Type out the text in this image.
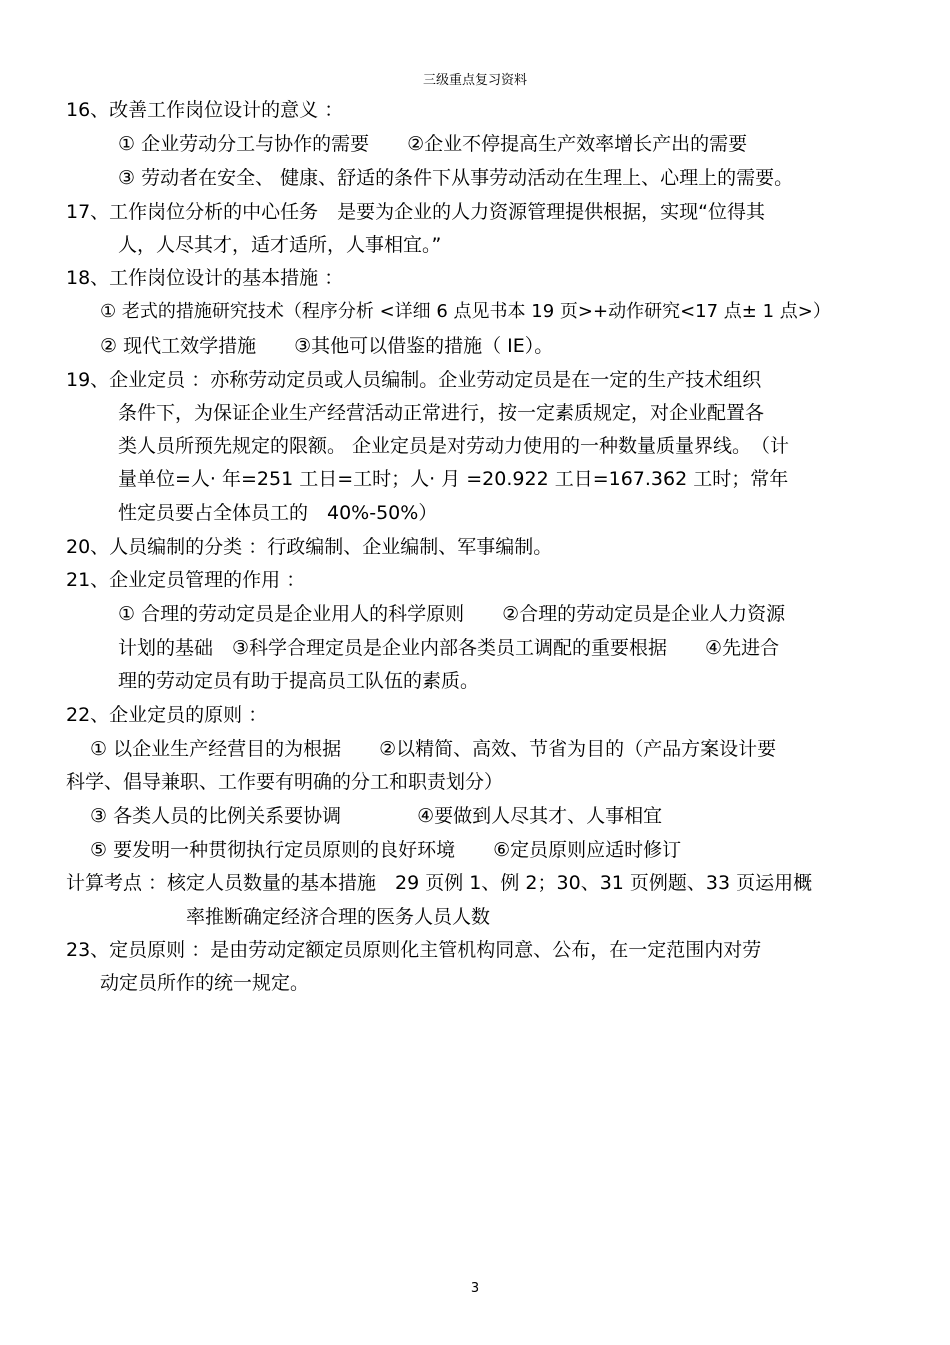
三级重点复习资料
16、改善工作岗位设计的意义 ：
① 企业劳动分工与协作的需要　　②企业不停提高生产效率增长产出的需要
③ 劳动者在安全、 健康、舒适的条件下从事劳动活动在生理上、心理上的需要。
17、工作岗位分析的中心任务　是要为企业的人力资源管理提供根据，实现“位得其
人，人尽其才，适才适所，人事相宜。”
18、工作岗位设计的基本措施 ：
① 老式的措施研究技术（程序分析 <详细 6 点见书本 19 页>+动作研究<17 点± 1 点>）
② 现代工效学措施　　③其他可以借鉴的措施（ IE）。
19、企业定员 ：亦称劳动定员或人员编制。企业劳动定员是在一定的生产技术组织
条件下，为保证企业生产经营活动正常进行，按一定素质规定，对企业配置各
类人员所预先规定的限额。 企业定员是对劳动力使用的一种数量质量界线。　（计
量单位=人· 年=251 工日=工时；人· 月 =20.922 工日=167.362 工时；常年
性定员要占全体员工的　40%-50%）
20、人员编制的分类 ：行政编制、企业编制、军事编制。
21、企业定员管理的作用 ：
① 合理的劳动定员是企业用人的科学原则　　②合理的劳动定员是企业人力资源
计划的基础　③科学合理定员是企业内部各类员工调配的重要根据　　④先进合
理的劳动定员有助于提高员工队伍的素质。
22、企业定员的原则 ：
① 以企业生产经营目的为根据　　②以精简、高效、节省为目的（产品方案设计要
科学、倡导兼职、工作要有明确的分工和职责划分）
③ 各类人员的比例关系要协调　　　　④要做到人尽其才、人事相宜
⑤ 要发明一种贯彻执行定员原则的良好环境　　⑥定员原则应适时修订
计算考点 ：核定人员数量的基本措施　29 页例 1、例 2；30、31 页例题、33 页运用概
率推断确定经济合理的医务人员人数
23、定员原则 ：是由劳动定额定员原则化主管机构同意、公布，在一定范围内对劳
动定员所作的统一规定。
3
